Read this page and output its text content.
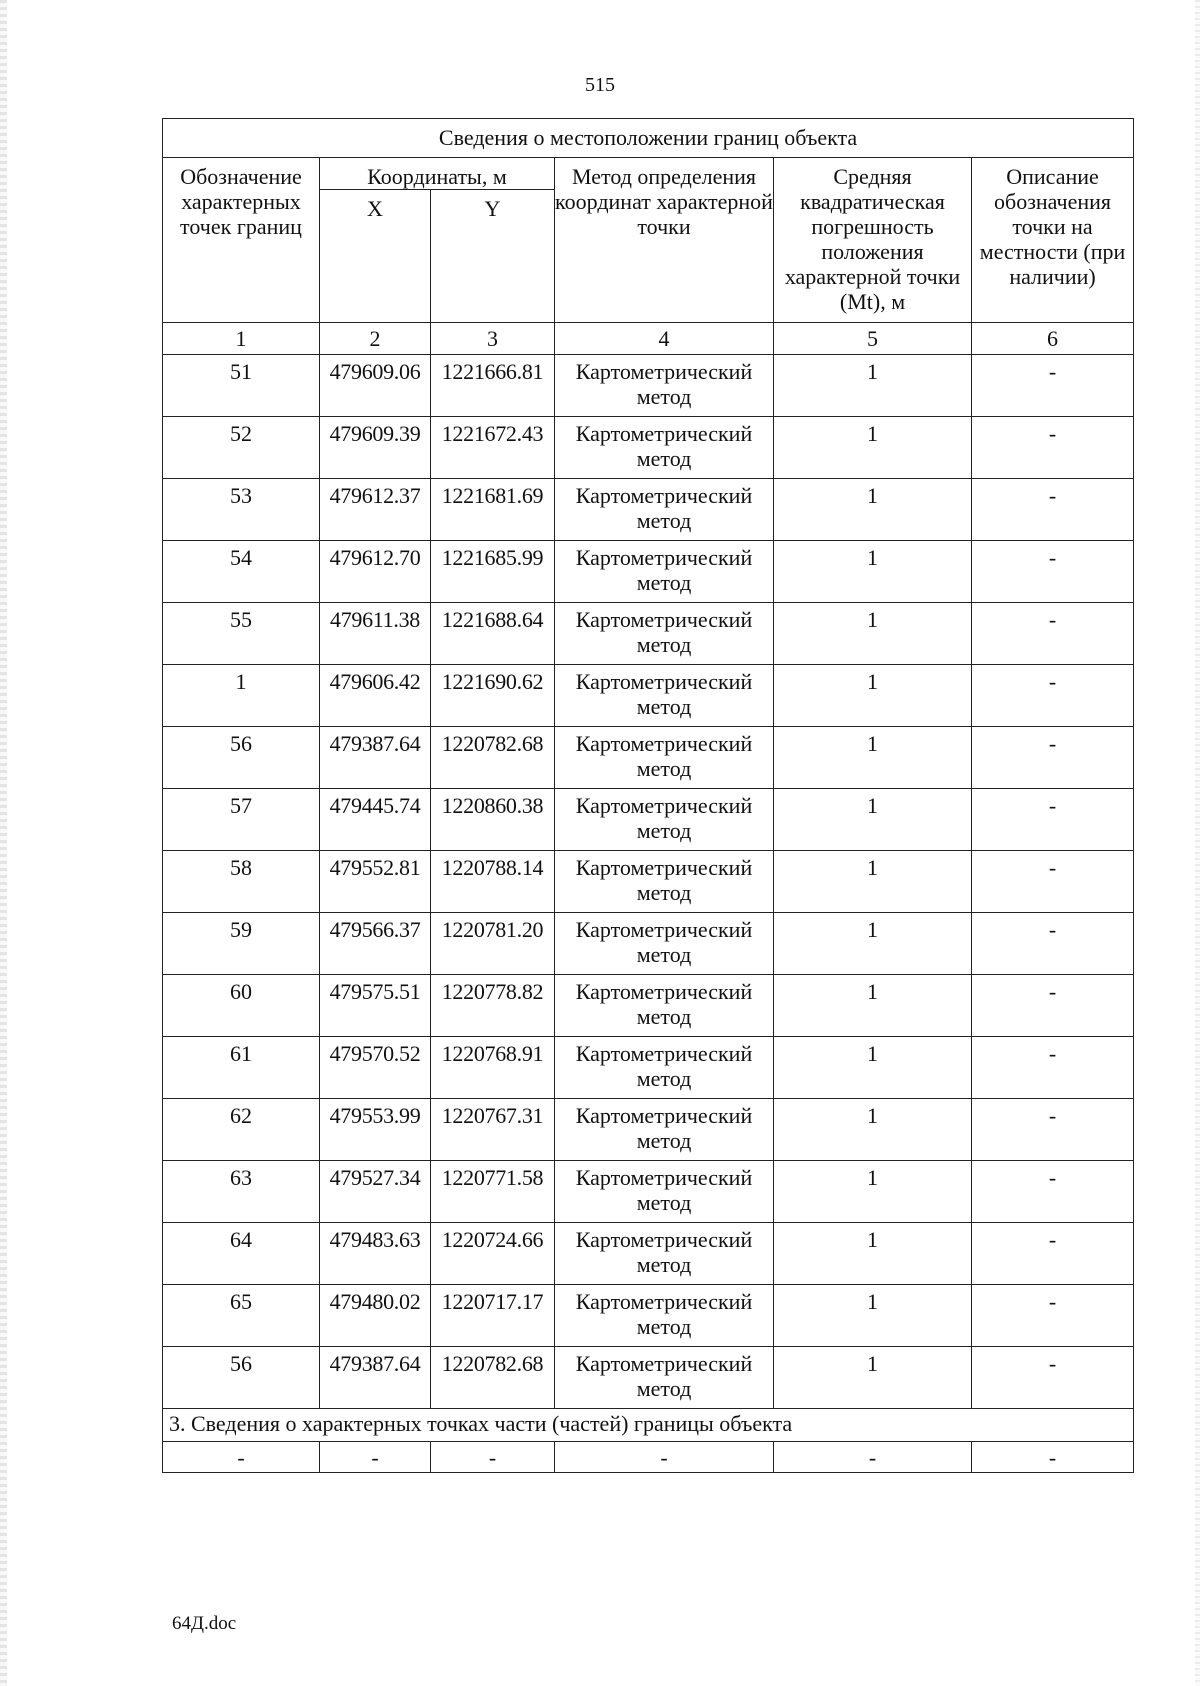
515
Сведения о местоположении границ объекта					
Обозначение характерных точек границ	Координаты, м		Метод определения координат характерной точки	Средняя квадратическая погрешность положения характерной точки (Mt), м	Описание обозначения точки на местности (при наличии)
	X	Y			
1	2	3	4	5	6
51	479609.06	1221666.81	Картометрический метод	1	-
52	479609.39	1221672.43	Картометрический метод	1	-
53	479612.37	1221681.69	Картометрический метод	1	-
54	479612.70	1221685.99	Картометрический метод	1	-
55	479611.38	1221688.64	Картометрический метод	1	-
1	479606.42	1221690.62	Картометрический метод	1	-
56	479387.64	1220782.68	Картометрический метод	1	-
57	479445.74	1220860.38	Картометрический метод	1	-
58	479552.81	1220788.14	Картометрический метод	1	-
59	479566.37	1220781.20	Картометрический метод	1	-
60	479575.51	1220778.82	Картометрический метод	1	-
61	479570.52	1220768.91	Картометрический метод	1	-
62	479553.99	1220767.31	Картометрический метод	1	-
63	479527.34	1220771.58	Картометрический метод	1	-
64	479483.63	1220724.66	Картометрический метод	1	-
65	479480.02	1220717.17	Картометрический метод	1	-
56	479387.64	1220782.68	Картометрический метод	1	-
3. Сведения о характерных точках части (частей) границы объекта					
-	-	-	-	-	-
64Д.doc
